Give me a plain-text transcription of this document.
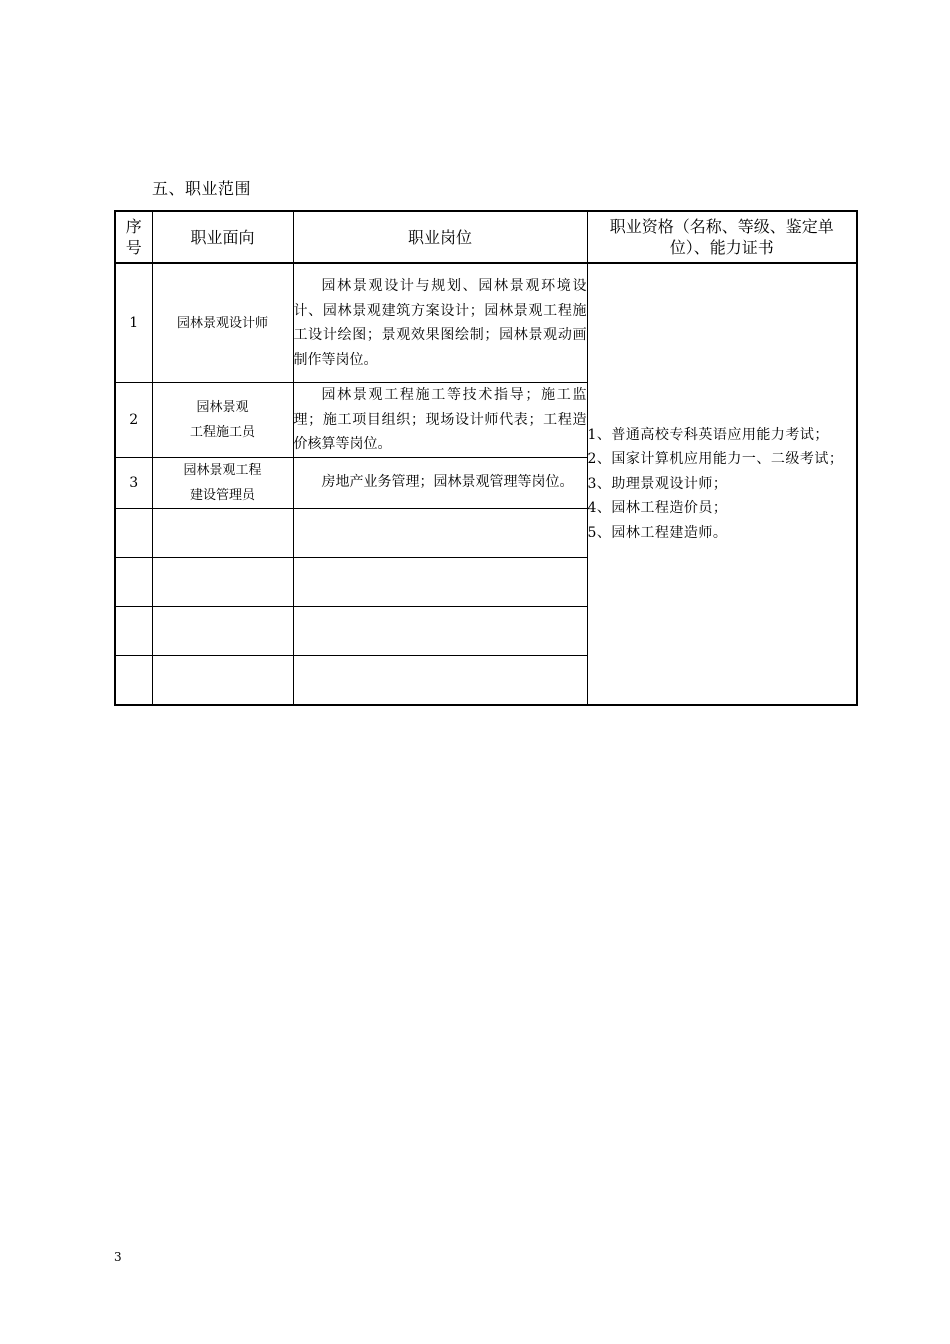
五、职业范围
序号	职业面向	职业岗位	职业资格（名称、等级、鉴定单位）、能力证书
1	园林景观设计师	园林景观设计与规划、园林景观环境设计、园林景观建筑方案设计；园林景观工程施工设计绘图；景观效果图绘制；园林景观动画制作等岗位。	1、普通高校专科英语应用能力考试；

2、国家计算机应用能力一、二级考试；

3、助理景观设计师；

4、园林工程造价员；

5、园林工程建造师。

2	园林景观
工程施工员	园林景观工程施工等技术指导；施工监理；施工项目组织；现场设计师代表；工程造价核算等岗位。	

3	园林景观工程
建设管理员	房地产业务管理；园林景观管理等岗位。	

3
